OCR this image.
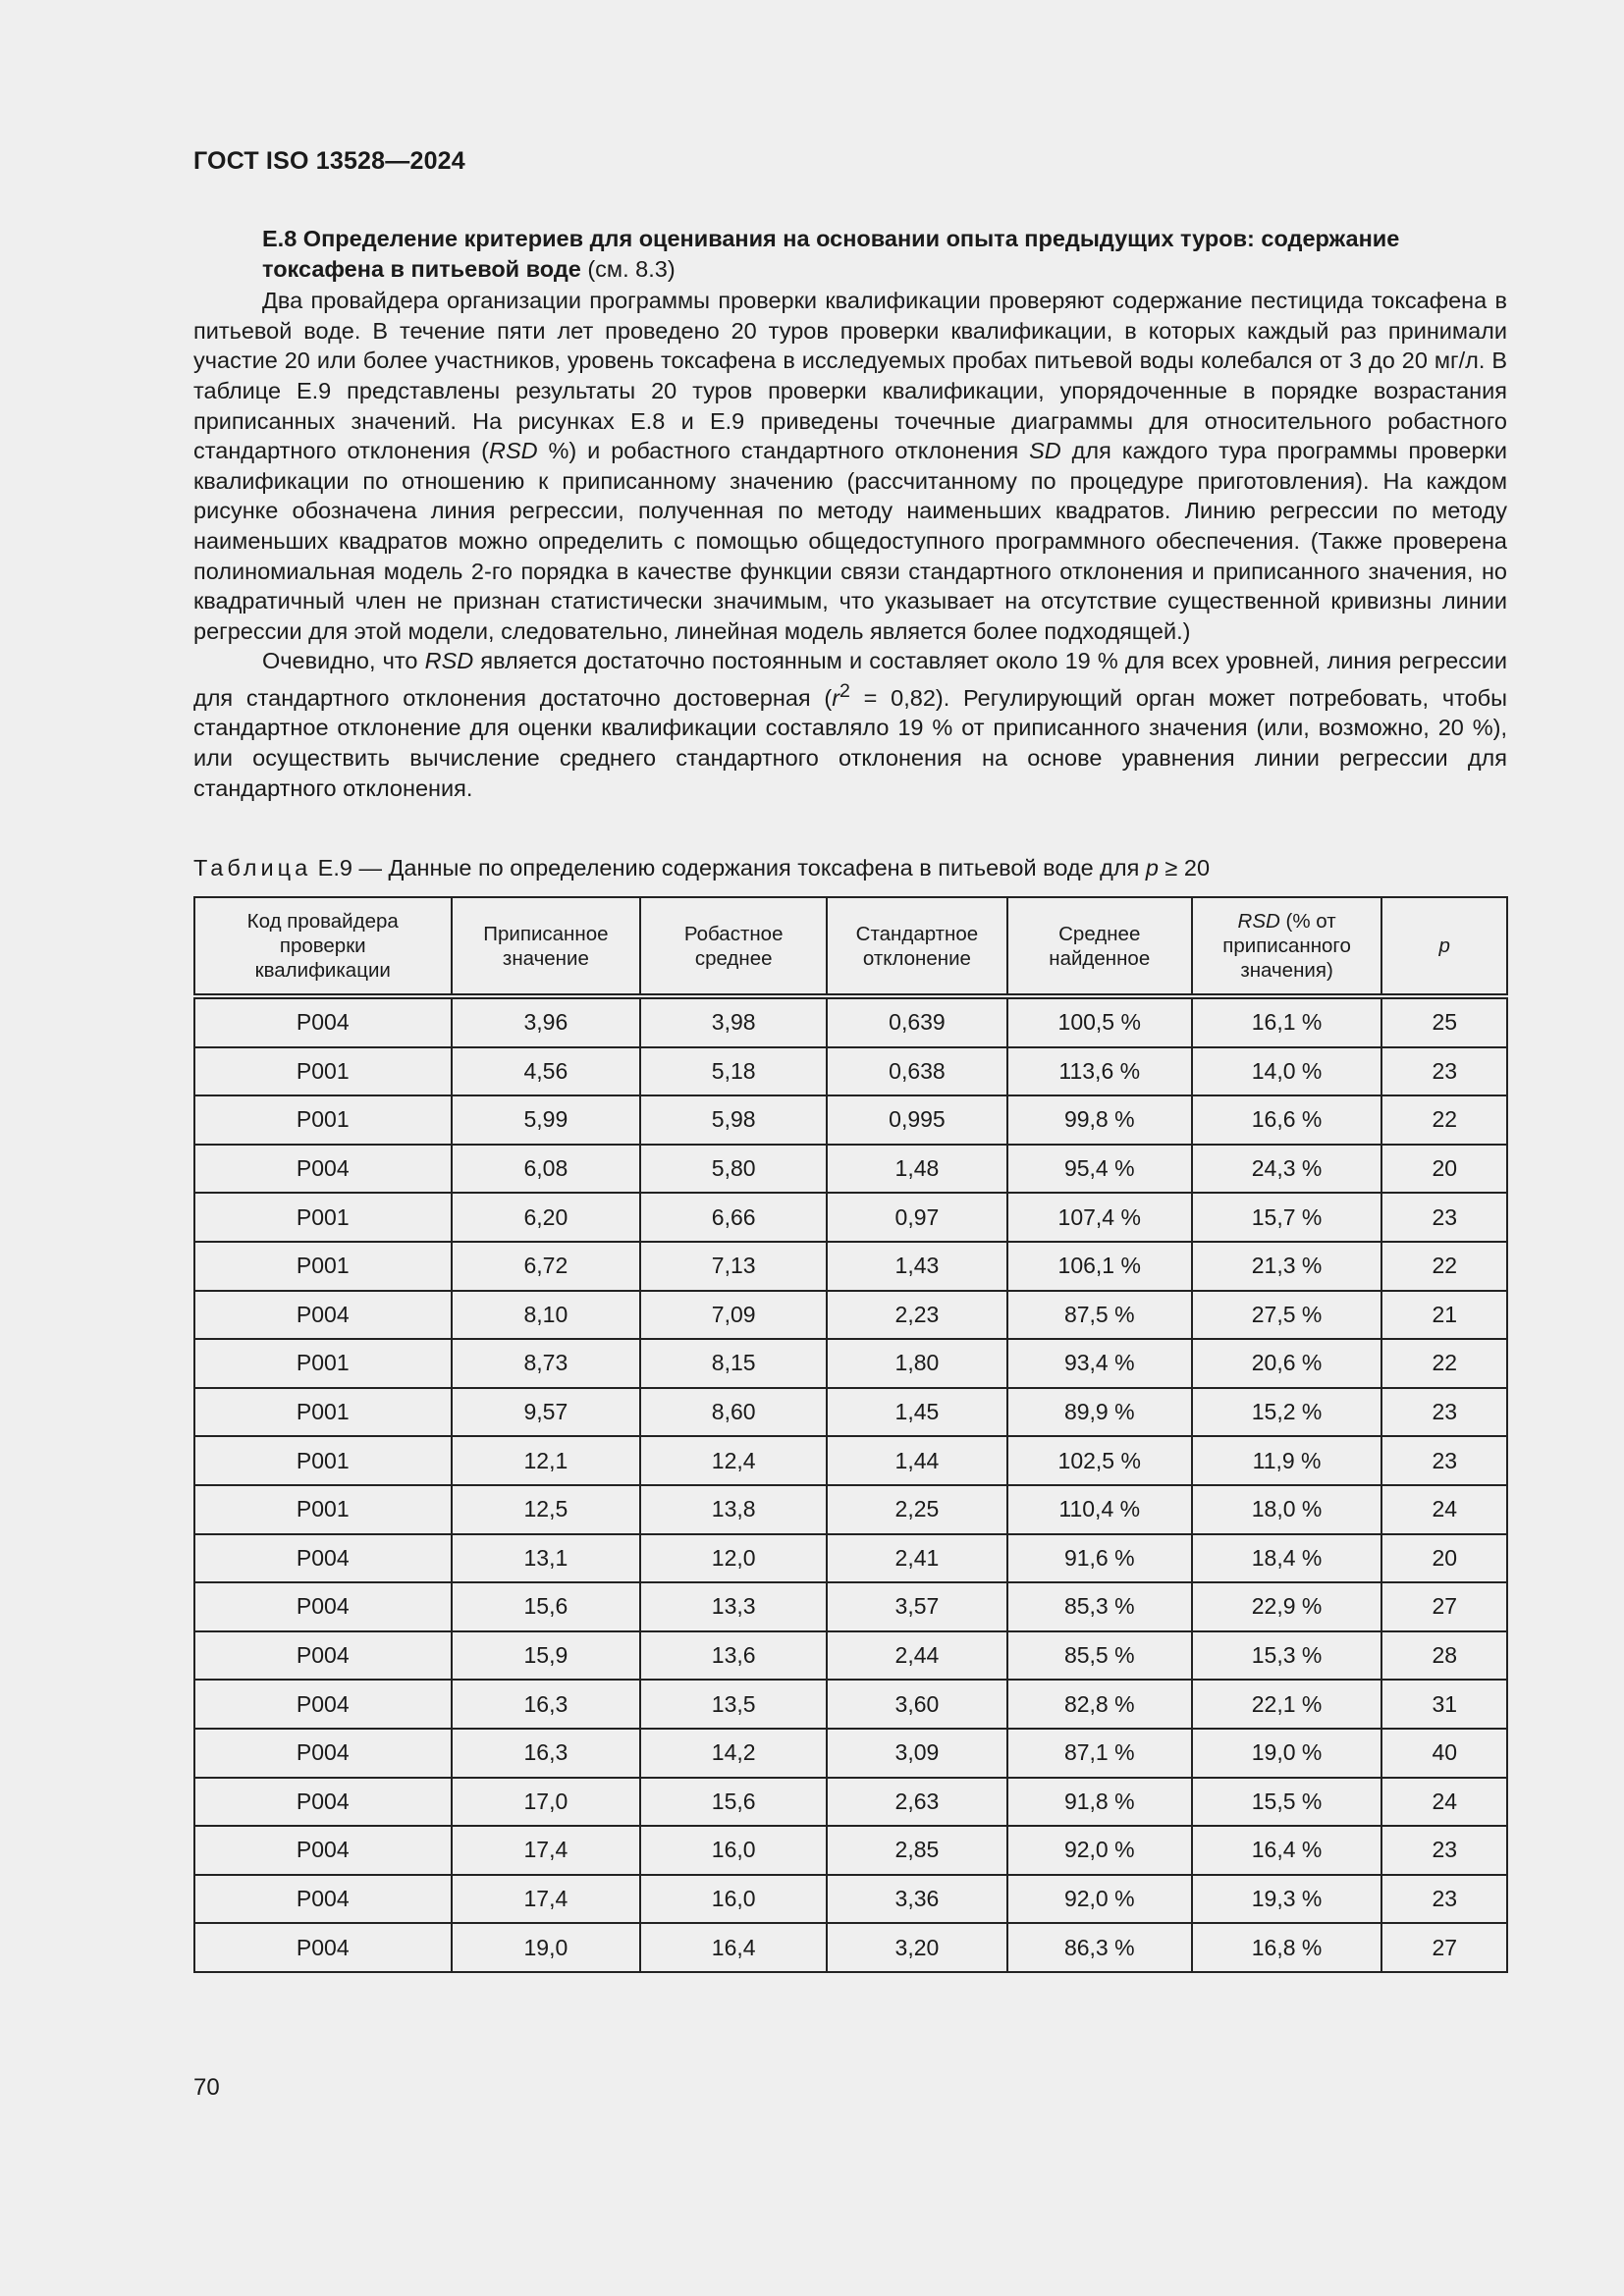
ГОСТ ISO 13528—2024

Е.8 Определение критериев для оценивания на основании опыта предыдущих туров: содержание токсафена в питьевой воде (см. 8.3)

Два провайдера организации программы проверки квалификации проверяют содержание пестицида токсафена в питьевой воде. В течение пяти лет проведено 20 туров проверки квалификации, в которых каждый раз принимали участие 20 или более участников, уровень токсафена в исследуемых пробах питьевой воды колебался от 3 до 20 мг/л. В таблице Е.9 представлены результаты 20 туров проверки квалификации, упорядоченные в порядке возрастания приписанных значений. На рисунках Е.8 и Е.9 приведены точечные диаграммы для относительного робастного стандартного отклонения (RSD %) и робастного стандартного отклонения SD для каждого тура программы проверки квалификации по отношению к приписанному значению (рассчитанному по процедуре приготовления). На каждом рисунке обозначена линия регрессии, полученная по методу наименьших квадратов. Линию регрессии по методу наименьших квадратов можно определить с помощью общедоступного программного обеспечения. (Также проверена полиномиальная модель 2-го порядка в качестве функции связи стандартного отклонения и приписанного значения, но квадратичный член не признан статистически значимым, что указывает на отсутствие существенной кривизны линии регрессии для этой модели, следовательно, линейная модель является более подходящей.)

Очевидно, что RSD является достаточно постоянным и составляет около 19 % для всех уровней, линия регрессии для стандартного отклонения достаточно достоверная $(r^2 = 0,82)$. Регулирующий орган может потребовать, чтобы стандартное отклонение для оценки квалификации составляло 19 % от приписанного значения (или, возможно, 20 %), или осуществить вычисление среднего стандартного отклонения на основе уравнения линии регрессии для стандартного отклонения.

Таблица Е.9 — Данные по определению содержания токсафена в питьевой воде для p ≥ 20
Код провайдера проверки квалификации	Приписанное значение	Робастное среднее	Стандартное отклонение	Среднее найденное	RSD (% от приписанного значения)	p
P004	3,96	3,98	0,639	100,5 %	16,1 %	25
P001	4,56	5,18	0,638	113,6 %	14,0 %	23
P001	5,99	5,98	0,995	99,8 %	16,6 %	22
P004	6,08	5,80	1,48	95,4 %	24,3 %	20
P001	6,20	6,66	0,97	107,4 %	15,7 %	23
P001	6,72	7,13	1,43	106,1 %	21,3 %	22
P004	8,10	7,09	2,23	87,5 %	27,5 %	21
P001	8,73	8,15	1,80	93,4 %	20,6 %	22
P001	9,57	8,60	1,45	89,9 %	15,2 %	23
P001	12,1	12,4	1,44	102,5 %	11,9 %	23
P001	12,5	13,8	2,25	110,4 %	18,0 %	24
P004	13,1	12,0	2,41	91,6 %	18,4 %	20
P004	15,6	13,3	3,57	85,3 %	22,9 %	27
P004	15,9	13,6	2,44	85,5 %	15,3 %	28
P004	16,3	13,5	3,60	82,8 %	22,1 %	31
P004	16,3	14,2	3,09	87,1 %	19,0 %	40
P004	17,0	15,6	2,63	91,8 %	15,5 %	24
P004	17,4	16,0	2,85	92,0 %	16,4 %	23
P004	17,4	16,0	3,36	92,0 %	19,3 %	23
P004	19,0	16,4	3,20	86,3 %	16,8 %	27
70
